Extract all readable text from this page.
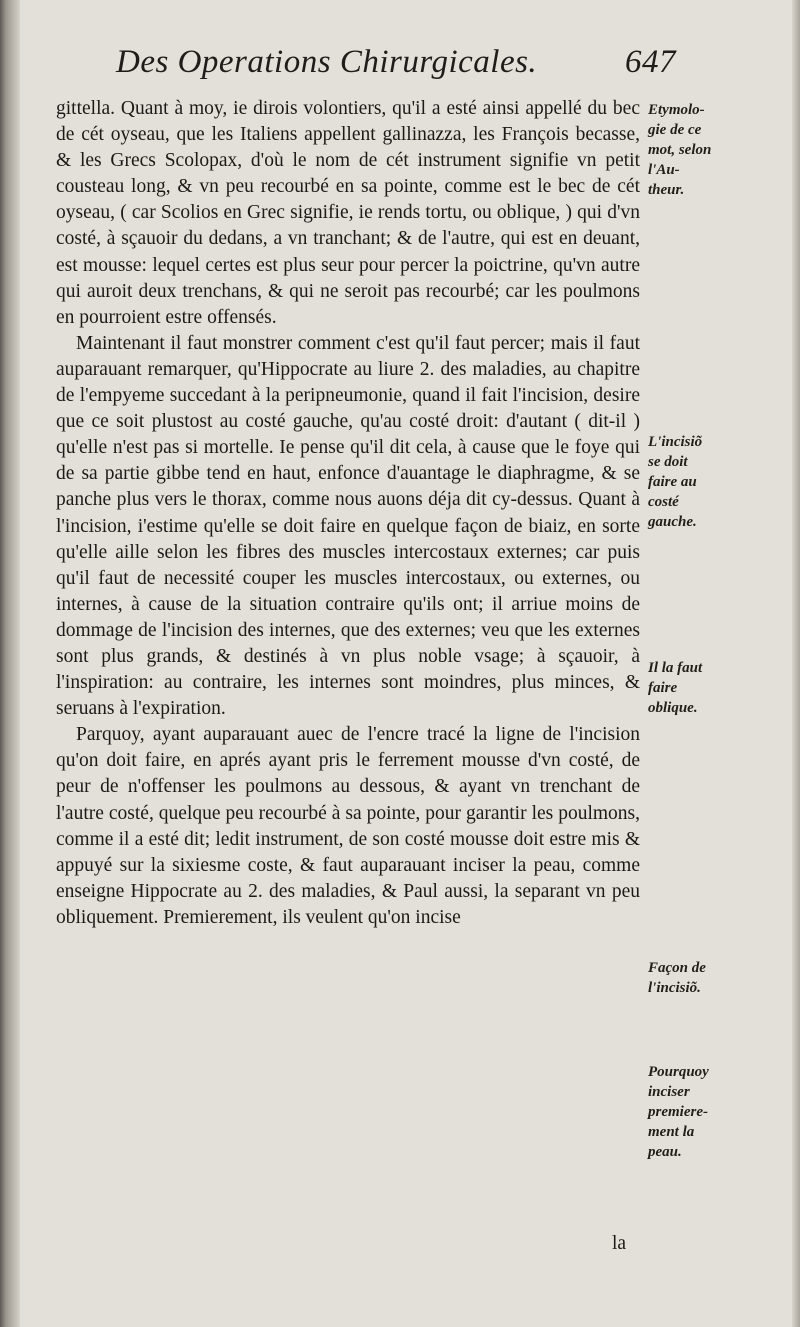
Des Operations Chirurgicales.	647

gittella. Quant à moy, ie dirois volontiers, qu'il a esté ainsi appellé du bec de cét oyseau, que les Italiens appellent gallinazza, les François becasse, & les Grecs Scolopax, d'où le nom de cét instrument signifie vn petit cousteau long, & vn peu recourbé en sa pointe, comme est le bec de cét oyseau, ( car Scolios en Grec signifie, ie rends tortu, ou oblique, ) qui d'vn costé, à sçauoir du dedans, a vn tranchant; & de l'autre, qui est en deuant, est mousse: lequel certes est plus seur pour percer la poictrine, qu'vn autre qui auroit deux trenchans, & qui ne seroit pas recourbé; car les poulmons en pourroient estre offensés.

Maintenant il faut monstrer comment c'est qu'il faut percer; mais il faut auparauant remarquer, qu'Hippocrate au liure 2. des maladies, au chapitre de l'empyeme succedant à la peripneumonie, quand il fait l'incision, desire que ce soit plustost au costé gauche, qu'au costé droit: d'autant ( dit-il ) qu'elle n'est pas si mortelle. Ie pense qu'il dit cela, à cause que le foye qui de sa partie gibbe tend en haut, enfonce d'auantage le diaphragme, & se panche plus vers le thorax, comme nous auons déja dit cy-dessus. Quant à l'incision, i'estime qu'elle se doit faire en quelque façon de biaiz, en sorte qu'elle aille selon les fibres des muscles intercostaux externes; car puis qu'il faut de necessité couper les muscles intercostaux, ou externes, ou internes, à cause de la situation contraire qu'ils ont; il arriue moins de dommage de l'incision des internes, que des externes; veu que les externes sont plus grands, & destinés à vn plus noble vsage; à sçauoir, à l'inspiration: au contraire, les internes sont moindres, plus minces, & seruans à l'expiration.

Parquoy, ayant auparauant auec de l'encre tracé la ligne de l'incision qu'on doit faire, en aprés ayant pris le ferrement mousse d'vn costé, de peur de n'offenser les poulmons au dessous, & ayant vn trenchant de l'autre costé, quelque peu recourbé à sa pointe, pour garantir les poulmons, comme il a esté dit; ledit instrument, de son costé mousse doit estre mis & appuyé sur la sixiesme coste, & faut auparauant inciser la peau, comme enseigne Hippocrate au 2. des maladies, & Paul aussi, la separant vn peu obliquement. Premierement, ils veulent qu'on incise

la
Etymolo-
gie de ce
mot, selon
l'Au-
theur.
L'incisiõ
se doit
faire au
costé
gauche.
Il la faut
faire
oblique.
Façon de
l'incisiõ.
Pourquoy
inciser
premiere-
ment la
peau.
